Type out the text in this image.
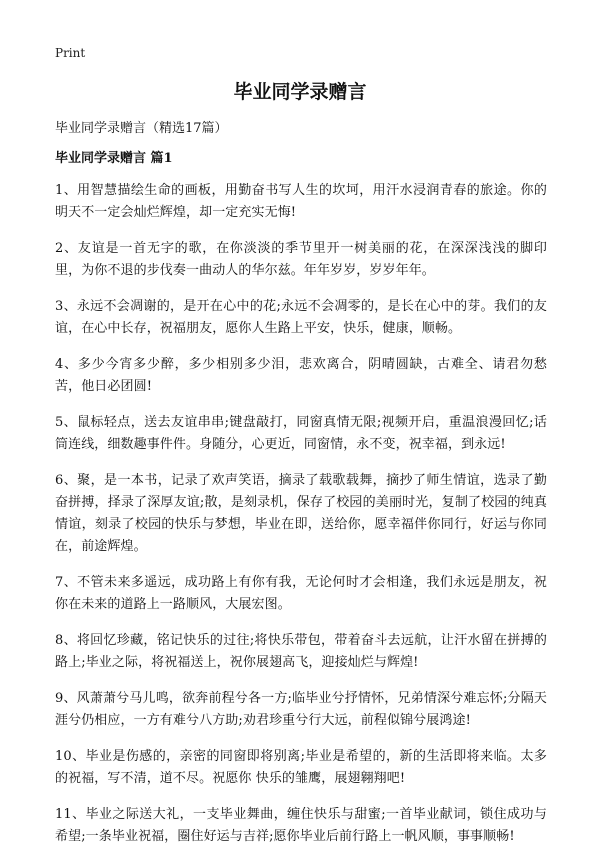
Print
毕业同学录赠言
毕业同学录赠言（精选17篇）
毕业同学录赠言 篇1

1、用智慧描绘生命的画板，用勤奋书写人生的坎坷，用汗水浸润青春的旅途。你的明天不一定会灿烂辉煌，却一定充实无悔!

2、友谊是一首无字的歌，在你淡淡的季节里开一树美丽的花，在深深浅浅的脚印里，为你不退的步伐奏一曲动人的华尔兹。年年岁岁，岁岁年年。

3、永远不会凋谢的，是开在心中的花;永远不会凋零的，是长在心中的芽。我们的友谊，在心中长存，祝福朋友，愿你人生路上平安，快乐，健康，顺畅。

4、多少今宵多少醉，多少相别多少泪，悲欢离合，阴晴圆缺，古难全、请君勿愁苦，他日必团圆!

5、鼠标轻点，送去友谊串串;键盘敲打，同窗真情无限;视频开启，重温浪漫回忆;话筒连线，细数趣事件件。身随分，心更近，同窗情，永不变，祝幸福，到永远!

6、聚，是一本书，记录了欢声笑语，摘录了载歌载舞，摘抄了师生情谊，选录了勤奋拼搏，择录了深厚友谊;散，是刻录机，保存了校园的美丽时光，复制了校园的纯真情谊，刻录了校园的快乐与梦想，毕业在即，送给你，愿幸福伴你同行，好运与你同在，前途辉煌。

7、不管未来多遥远，成功路上有你有我，无论何时才会相逢，我们永远是朋友，祝你在未来的道路上一路顺风，大展宏图。

8、将回忆珍藏，铭记快乐的过往;将快乐带包，带着奋斗去远航，让汗水留在拼搏的路上;毕业之际，将祝福送上，祝你展翅高飞，迎接灿烂与辉煌!

9、风萧萧兮马儿鸣，欲奔前程兮各一方;临毕业兮抒情怀，兄弟情深兮难忘怀;分隔天涯兮仍相应，一方有难兮八方助;劝君珍重兮行大远，前程似锦兮展鸿途!

10、毕业是伤感的，亲密的同窗即将别离;毕业是希望的，新的生活即将来临。太多的祝福，写不清，道不尽。祝愿你 快乐的雏鹰，展翅翱翔吧!

11、毕业之际送大礼，一支毕业舞曲，缠住快乐与甜蜜;一首毕业献词，锁住成功与希望;一条毕业祝福，圈住好运与吉祥;愿你毕业后前行路上一帆风顺，事事顺畅!
